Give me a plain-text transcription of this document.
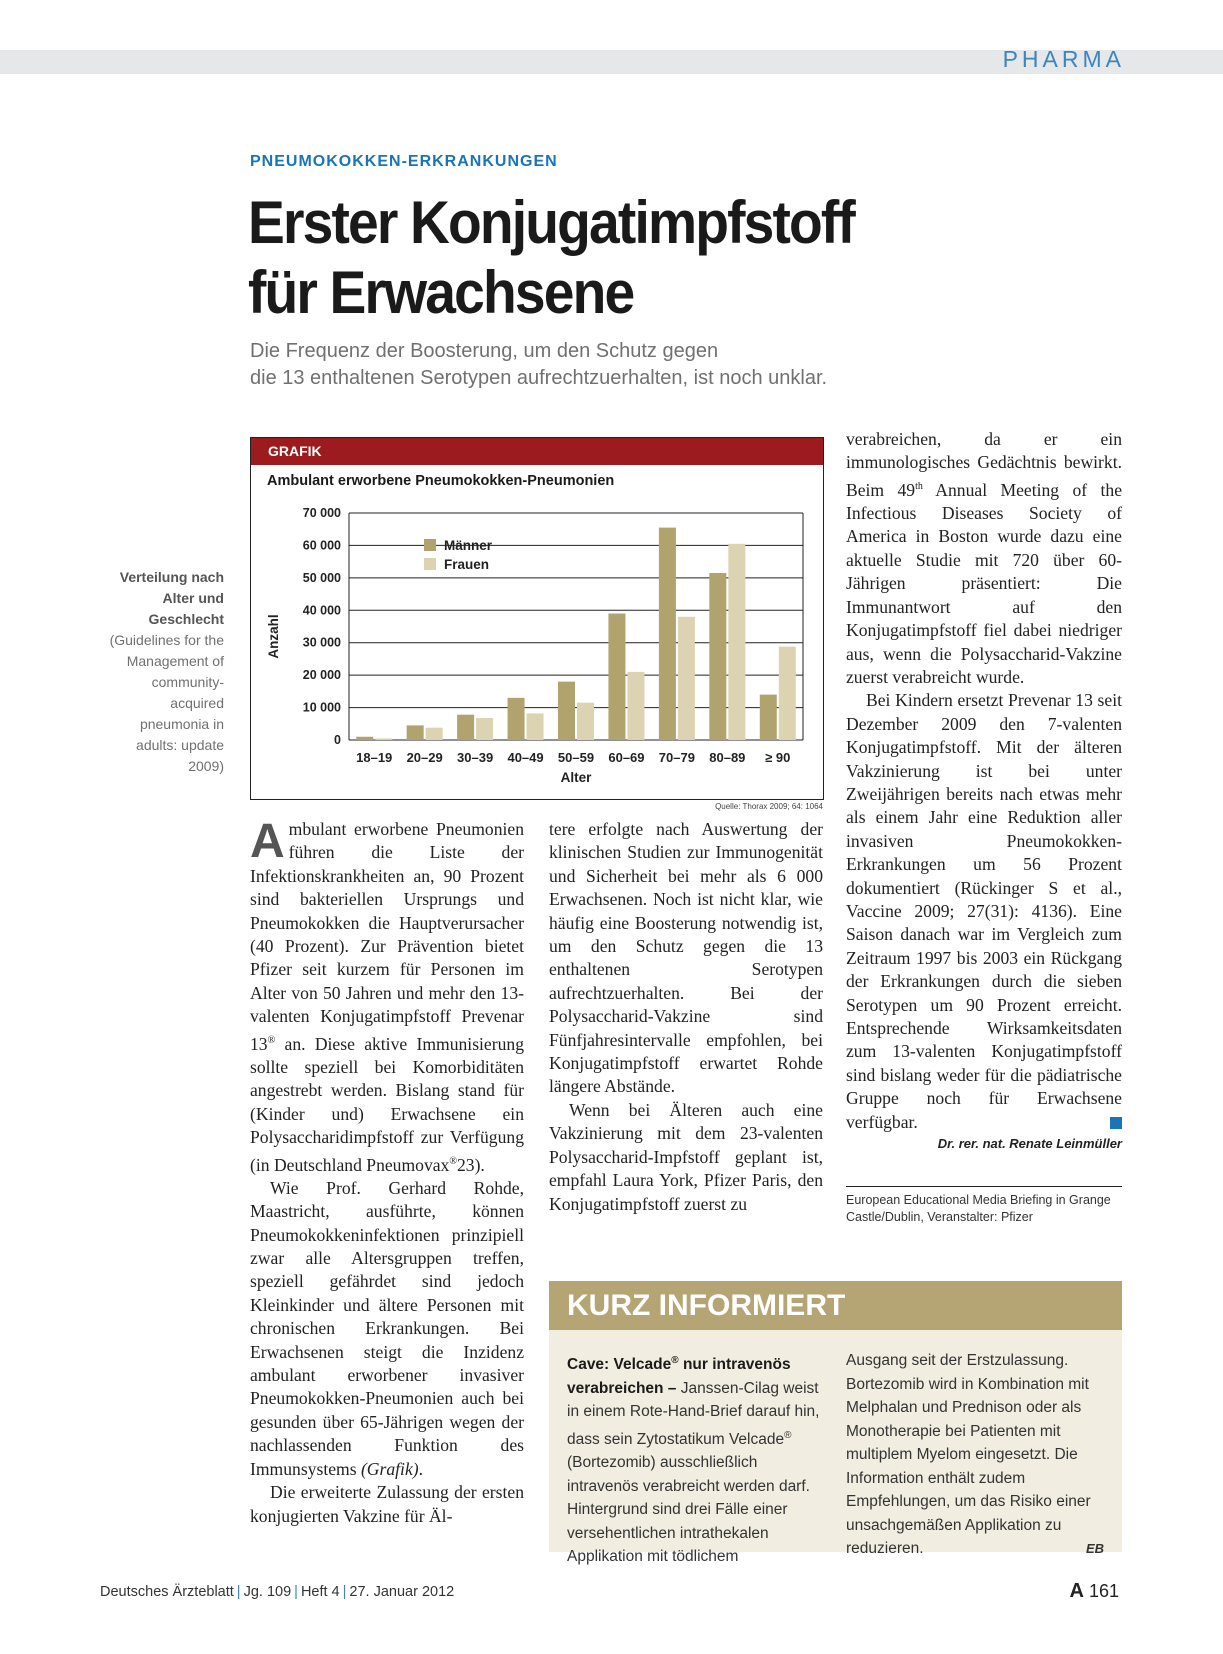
PHARMA
PNEUMOKOKKEN-ERKRANKUNGEN
Erster Konjugatimpfstoff
für Erwachsene
Die Frequenz der Boosterung, um den Schutz gegen
die 13 enthaltenen Serotypen aufrechtzuerhalten, ist noch unklar.
Verteilung nach Alter und Geschlecht (Guidelines for the Management of community-acquired pneumonia in adults: update 2009)
GRAFIK
Ambulant erworbene Pneumokokken-Pneumonien
0
10 000
20 000
30 000
40 000
50 000
60 000
70 000
18–19 20–29 30–39 40–49 50–59 60–69 70–79 80–89 ≥ 90
Alter
Anzahl
Männer
Frauen
Quelle: Thorax 2009; 64: 1064

Ambulant erworbene Pneumonien führen die Liste der Infektionskrankheiten an, 90 Prozent sind bakteriellen Ursprungs und Pneumokokken die Hauptverursacher (40 Prozent). Zur Prävention bietet Pfizer seit kurzem für Personen im Alter von 50 Jahren und mehr den 13-valenten Konjugatimpfstoff Prevenar 13® an. Diese aktive Immunisierung sollte speziell bei Komorbiditäten angestrebt werden. Bislang stand für (Kinder und) Erwachsene ein Polysaccharidimpfstoff zur Verfügung (in Deutschland Pneumovax®23).

Wie Prof. Gerhard Rohde, Maastricht, ausführte, können Pneumokokkeninfektionen prinzipiell zwar alle Altersgruppen treffen, speziell gefährdet sind jedoch Kleinkinder und ältere Personen mit chronischen Erkrankungen. Bei Erwachsenen steigt die Inzidenz ambulant erworbener invasiver Pneumokokken-Pneumonien auch bei gesunden über 65-Jährigen wegen der nachlassenden Funktion des Immunsystems (Grafik).

Die erweiterte Zulassung der ersten konjugierten Vakzine für Äl-

tere erfolgte nach Auswertung der klinischen Studien zur Immunogenität und Sicherheit bei mehr als 6 000 Erwachsenen. Noch ist nicht klar, wie häufig eine Boosterung notwendig ist, um den Schutz gegen die 13 enthaltenen Serotypen aufrechtzuerhalten. Bei der Polysaccharid-Vakzine sind Fünfjahresintervalle empfohlen, bei Konjugatimpfstoff erwartet Rohde längere Abstände.

Wenn bei Älteren auch eine Vakzinierung mit dem 23-valenten Polysaccharid-Impfstoff geplant ist, empfahl Laura York, Pfizer Paris, den Konjugatimpfstoff zuerst zu

verabreichen, da er ein immunologisches Gedächtnis bewirkt. Beim 49th Annual Meeting of the Infectious Diseases Society of America in Boston wurde dazu eine aktuelle Studie mit 720 über 60-Jährigen präsentiert: Die Immunantwort auf den Konjugatimpfstoff fiel dabei niedriger aus, wenn die Polysaccharid-Vakzine zuerst verabreicht wurde.

Bei Kindern ersetzt Prevenar 13 seit Dezember 2009 den 7-valenten Konjugatimpfstoff. Mit der älteren Vakzinierung ist bei unter Zweijährigen bereits nach etwas mehr als einem Jahr eine Reduktion aller invasiven Pneumokokken-Erkrankungen um 56 Prozent dokumentiert (Rückinger S et al., Vaccine 2009; 27(31): 4136). Eine Saison danach war im Vergleich zum Zeitraum 1997 bis 2003 ein Rückgang der Erkrankungen durch die sieben Serotypen um 90 Prozent erreicht. Entsprechende Wirksamkeitsdaten zum 13-valenten Konjugatimpfstoff sind bislang weder für die pädiatrische Gruppe noch für Erwachsene verfügbar.

Dr. rer. nat. Renate Leinmüller
European Educational Media Briefing in Grange Castle/Dublin, Veranstalter: Pfizer
KURZ INFORMIERT
Cave: Velcade® nur intravenös verabreichen – Janssen-Cilag weist in einem Rote-Hand-Brief darauf hin, dass sein Zytostatikum Velcade® (Bortezomib) ausschließlich intravenös verabreicht werden darf. Hintergrund sind drei Fälle einer versehentlichen intrathekalen Applikation mit tödlichem
Ausgang seit der Erstzulassung. Bortezomib wird in Kombination mit Melphalan und Prednison oder als Monotherapie bei Patienten mit multiplem Myelom eingesetzt. Die Information enthält zudem Empfehlungen, um das Risiko einer unsachgemäßen Applikation zu reduzieren.	EB
Deutsches Ärzteblatt | Jg. 109 | Heft 4 | 27. Januar 2012	A 161
